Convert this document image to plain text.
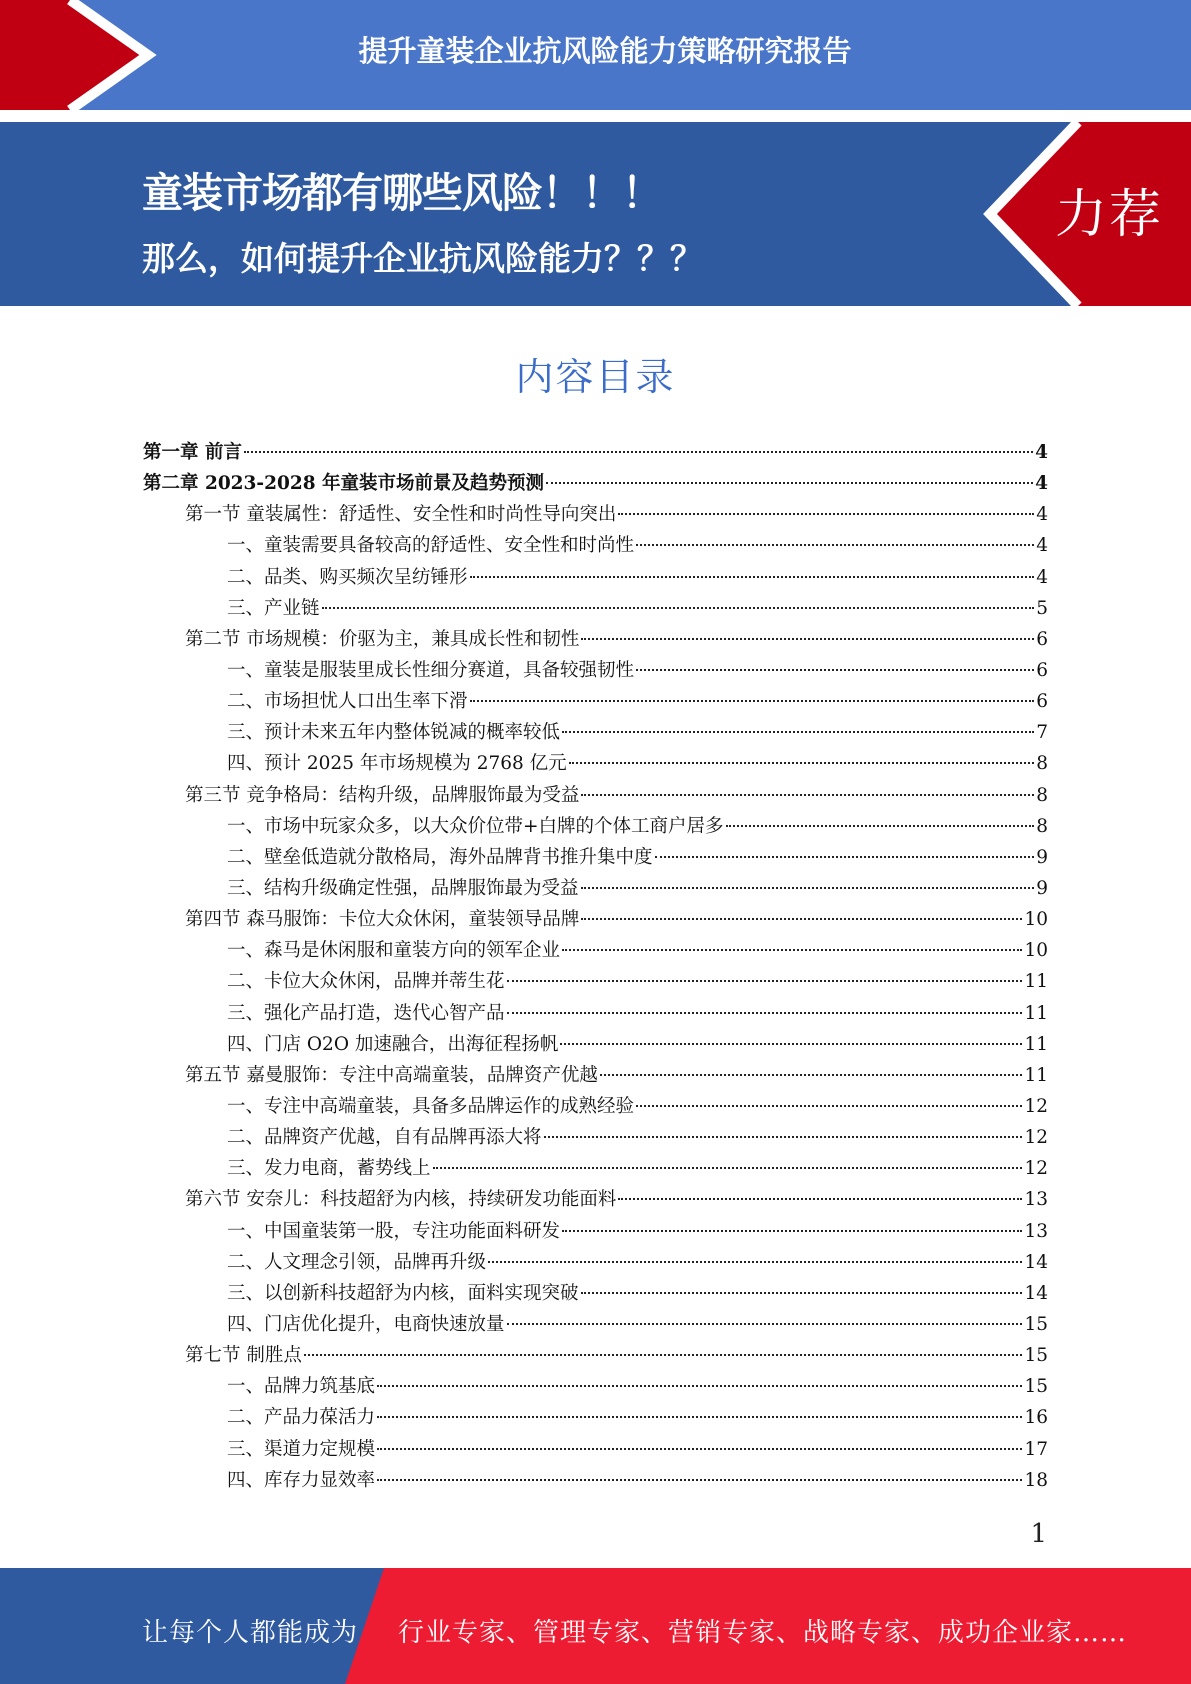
提升童装企业抗风险能力策略研究报告
童装市场都有哪些风险！！！
那么，如何提升企业抗风险能力？？？
力荐
内容目录
第一章 前言	4
第二章 2023-2028 年童装市场前景及趋势预测	4
第一节 童装属性：舒适性、安全性和时尚性导向突出	4
一、童装需要具备较高的舒适性、安全性和时尚性	4
二、品类、购买频次呈纺锤形	4
三、产业链	5
第二节 市场规模：价驱为主，兼具成长性和韧性	6
一、童装是服装里成长性细分赛道，具备较强韧性	6
二、市场担忧人口出生率下滑	6
三、预计未来五年内整体锐减的概率较低	7
四、预计 2025 年市场规模为 2768 亿元	8
第三节 竞争格局：结构升级，品牌服饰最为受益	8
一、市场中玩家众多，以大众价位带+白牌的个体工商户居多	8
二、壁垒低造就分散格局，海外品牌背书推升集中度	9
三、结构升级确定性强，品牌服饰最为受益	9
第四节 森马服饰：卡位大众休闲，童装领导品牌	10
一、森马是休闲服和童装方向的领军企业	10
二、卡位大众休闲，品牌并蒂生花	11
三、强化产品打造，迭代心智产品	11
四、门店 O2O 加速融合，出海征程扬帆	11
第五节 嘉曼服饰：专注中高端童装，品牌资产优越	11
一、专注中高端童装，具备多品牌运作的成熟经验	12
二、品牌资产优越，自有品牌再添大将	12
三、发力电商，蓄势线上	12
第六节 安奈儿：科技超舒为内核，持续研发功能面料	13
一、中国童装第一股，专注功能面料研发	13
二、人文理念引领，品牌再升级	14
三、以创新科技超舒为内核，面料实现突破	14
四、门店优化提升，电商快速放量	15
第七节 制胜点	15
一、品牌力筑基底	15
二、产品力葆活力	16
三、渠道力定规模	17
四、库存力显效率	18
1
让每个人都能成为 行业专家、管理专家、营销专家、战略专家、成功企业家……
